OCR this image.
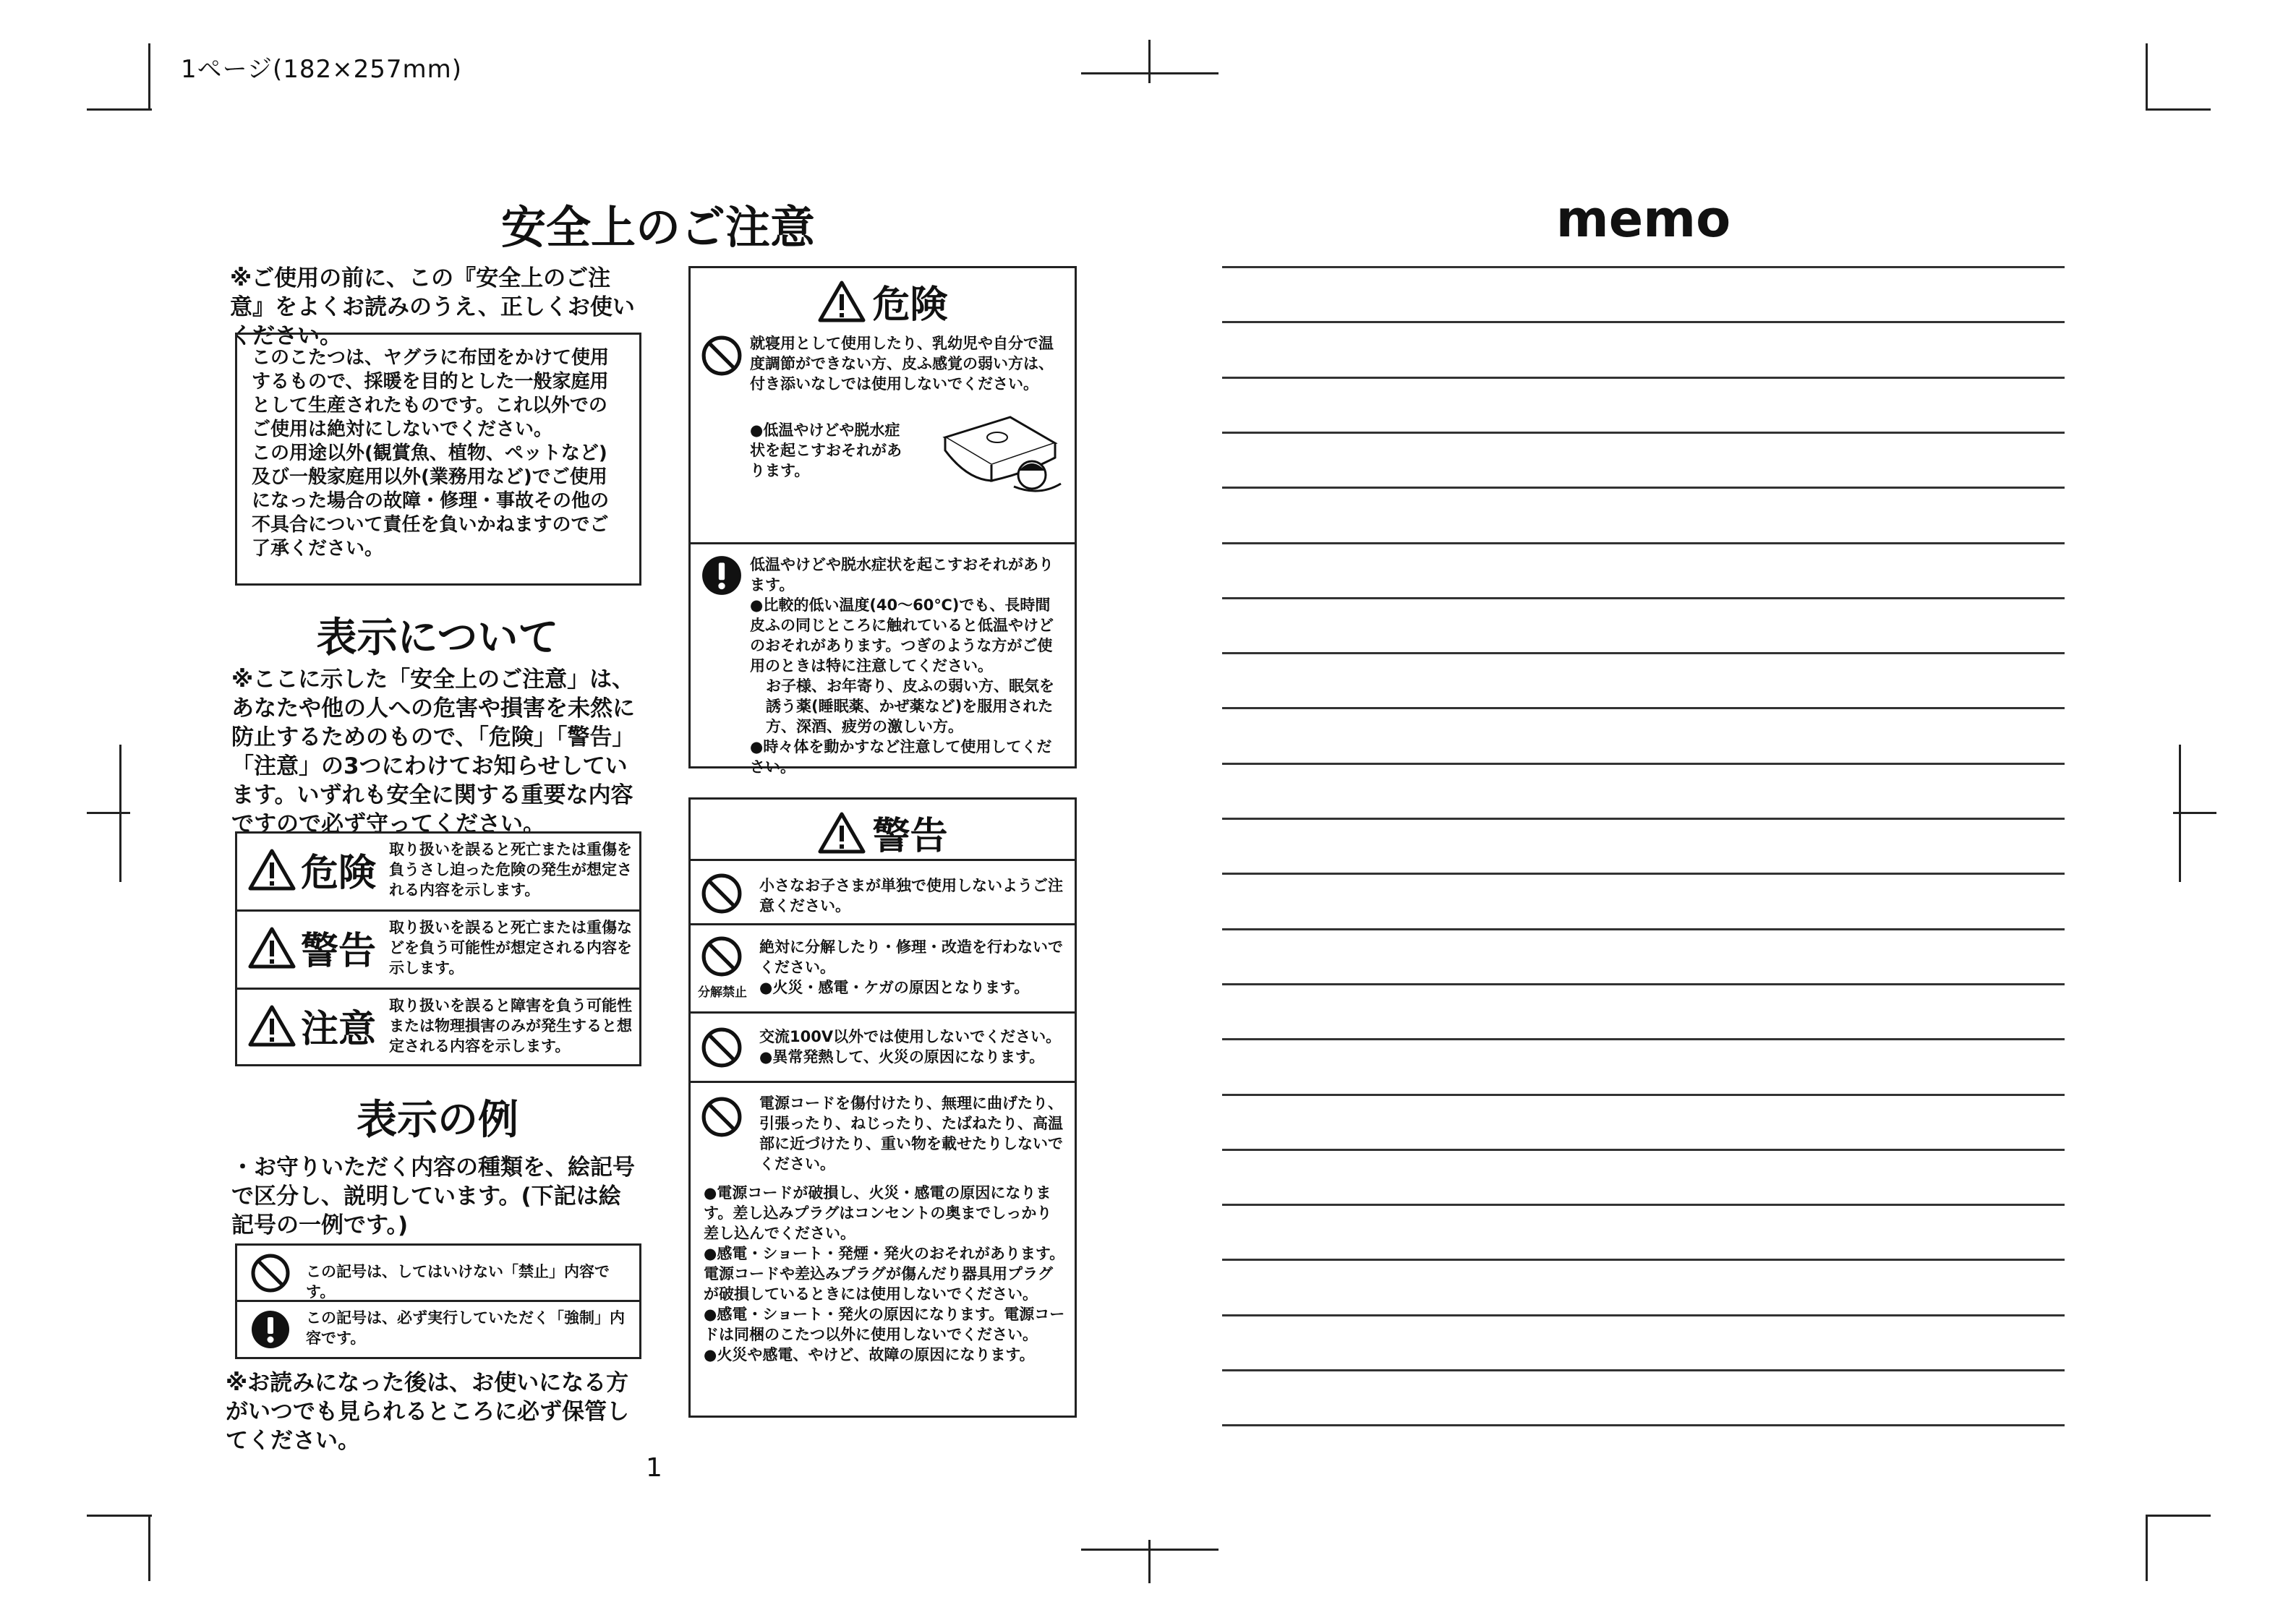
1ページ(182×257mm)
安全上のご注意
※ご使用の前に、この『安全上のご注意』をよくお読みのうえ、正しくお使いください。
このこたつは、ヤグラに布団をかけて使用するもので、採暖を目的とした一般家庭用として生産されたものです。これ以外でのご使用は絶対にしないでください。
この用途以外(観賞魚、植物、ペットなど)及び一般家庭用以外(業務用など)でご使用になった場合の故障・修理・事故その他の不具合について責任を負いかねますのでご了承ください。
表示について
※ここに示した「安全上のご注意」は、あなたや他の人への危害や損害を未然に防止するためのもので、「危険」「警告」「注意」の3つにわけてお知らせしています。いずれも安全に関する重要な内容ですので必ず守ってください。
危険
取り扱いを誤ると死亡または重傷を負うさし迫った危険の発生が想定される内容を示します。
警告
取り扱いを誤ると死亡または重傷などを負う可能性が想定される内容を示します。
注意
取り扱いを誤ると障害を負う可能性または物理損害のみが発生すると想定される内容を示します。
表示の例
・お守りいただく内容の種類を、絵記号で区分し、説明しています。(下記は絵記号の一例です。)
この記号は、してはいけない「禁止」内容です。
この記号は、必ず実行していただく「強制」内容です。
※お読みになった後は、お使いになる方がいつでも見られるところに必ず保管してください。
1
危険
就寝用として使用したり、乳幼児や自分で温度調節ができない方、皮ふ感覚の弱い方は、付き添いなしでは使用しないでください。
●低温やけどや脱水症状を起こすおそれがあります。
低温やけどや脱水症状を起こすおそれがあります。
●比較的低い温度(40〜60℃)でも、長時間皮ふの同じところに触れていると低温やけどのおそれがあります。つぎのような方がご使用のときは特に注意してください。
お子様、お年寄り、皮ふの弱い方、眠気を誘う薬(睡眠薬、かぜ薬など)を服用された方、深酒、疲労の激しい方。
●時々体を動かすなど注意して使用してください。
警告
小さなお子さまが単独で使用しないようご注意ください。
分解禁止
絶対に分解したり・修理・改造を行わないでください。
●火災・感電・ケガの原因となります。
交流100V以外では使用しないでください。
●異常発熱して、火災の原因になります。
電源コードを傷付けたり、無理に曲げたり、引張ったり、ねじったり、たばねたり、高温部に近づけたり、重い物を載せたりしないでください。
●電源コードが破損し、火災・感電の原因になります。差し込みプラグはコンセントの奥までしっかり差し込んでください。
●感電・ショート・発煙・発火のおそれがあります。電源コードや差込みプラグが傷んだり器具用プラグが破損しているときには使用しないでください。
●感電・ショート・発火の原因になります。電源コードは同梱のこたつ以外に使用しないでください。
●火災や感電、やけど、故障の原因になります。
memo
